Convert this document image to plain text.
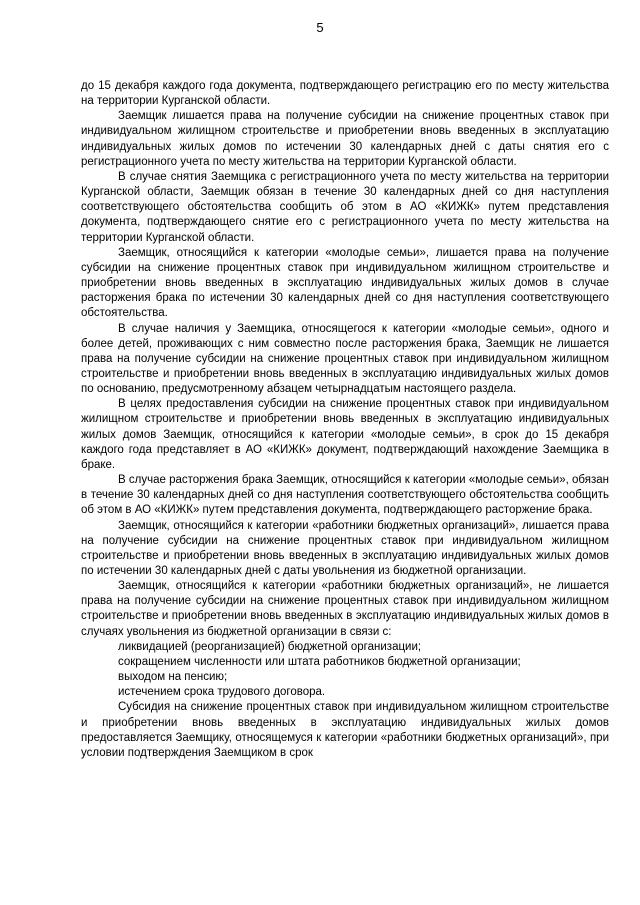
5

до 15 декабря каждого года документа, подтверждающего регистрацию его по месту жительства на территории Курганской области.

Заемщик лишается права на получение субсидии на снижение процентных ставок при индивидуальном жилищном строительстве и приобретении вновь введенных в эксплуатацию индивидуальных жилых домов по истечении 30 календарных дней с даты снятия его с регистрационного учета по месту жительства на территории Курганской области.

В случае снятия Заемщика с регистрационного учета по месту жительства на территории Курганской области, Заемщик обязан в течение 30 календарных дней со дня наступления соответствующего обстоятельства сообщить об этом в АО «КИЖК» путем представления документа, подтверждающего снятие его с регистрационного учета по месту жительства на территории Курганской области.

Заемщик, относящийся к категории «молодые семьи», лишается права на получение субсидии на снижение процентных ставок при индивидуальном жилищном строительстве и приобретении вновь введенных в эксплуатацию индивидуальных жилых домов в случае расторжения брака по истечении 30 календарных дней со дня наступления соответствующего обстоятельства.

В случае наличия у Заемщика, относящегося к категории «молодые семьи», одного и более детей, проживающих с ним совместно после расторжения брака, Заемщик не лишается права на получение субсидии на снижение процентных ставок при индивидуальном жилищном строительстве и приобретении вновь введенных в эксплуатацию индивидуальных жилых домов по основанию, предусмотренному абзацем четырнадцатым настоящего раздела.

В целях предоставления субсидии на снижение процентных ставок при индивидуальном жилищном строительстве и приобретении вновь введенных в эксплуатацию индивидуальных жилых домов Заемщик, относящийся к категории «молодые семьи», в срок до 15 декабря каждого года представляет в АО «КИЖК» документ, подтверждающий нахождение Заемщика в браке.

В случае расторжения брака Заемщик, относящийся к категории «молодые семьи», обязан в течение 30 календарных дней со дня наступления соответствующего обстоятельства сообщить об этом в АО «КИЖК» путем представления документа, подтверждающего расторжение брака.

Заемщик, относящийся к категории «работники бюджетных организаций», лишается права на получение субсидии на снижение процентных ставок при индивидуальном жилищном строительстве и приобретении вновь введенных в эксплуатацию индивидуальных жилых домов по истечении 30 календарных дней с даты увольнения из бюджетной организации.

Заемщик, относящийся к категории «работники бюджетных организаций», не лишается права на получение субсидии на снижение процентных ставок при индивидуальном жилищном строительстве и приобретении вновь введенных в эксплуатацию индивидуальных жилых домов в случаях увольнения из бюджетной организации в связи с:

ликвидацией (реорганизацией) бюджетной организации;

сокращением численности или штата работников бюджетной организации;

выходом на пенсию;

истечением срока трудового договора.

Субсидия на снижение процентных ставок при индивидуальном жилищном строительстве и приобретении вновь введенных в эксплуатацию индивидуальных жилых домов предоставляется Заемщику, относящемуся к категории «работники бюджетных организаций», при условии подтверждения Заемщиком в срок
